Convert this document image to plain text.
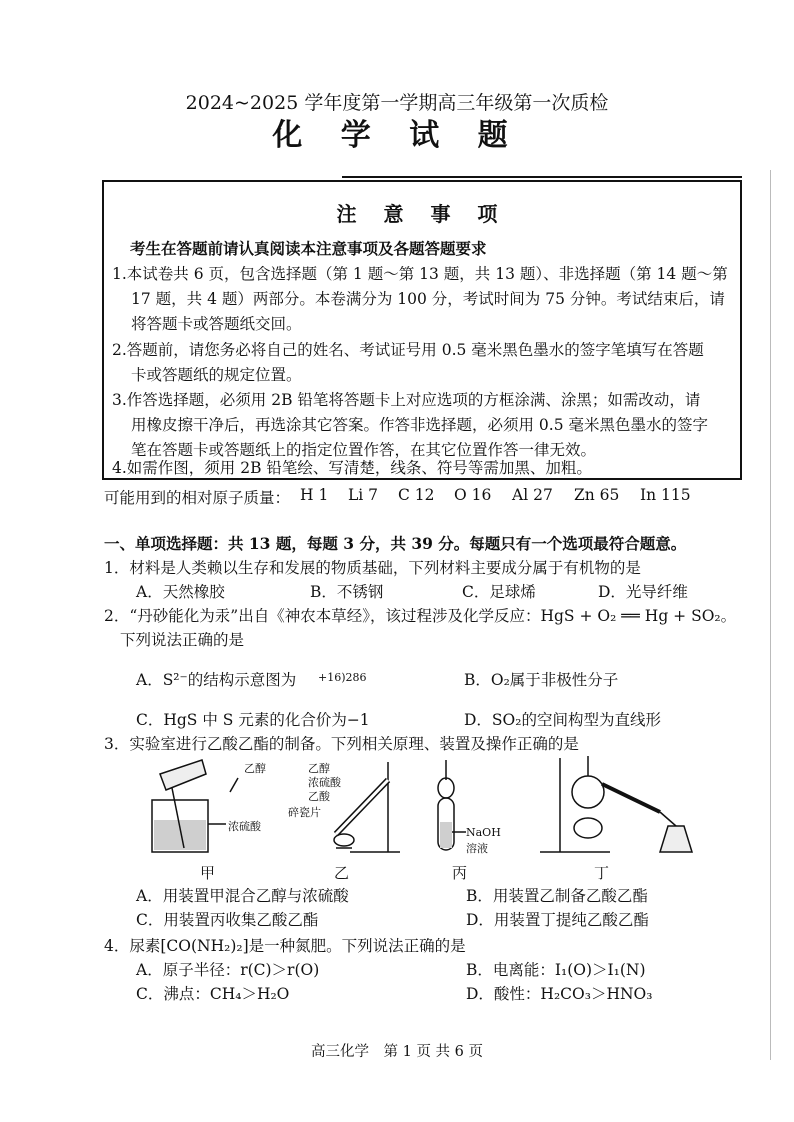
2024~2025 学年度第一学期高三年级第一次质检
化 学 试 题
注 意 事 项
考生在答题前请认真阅读本注意事项及各题答题要求
1.本试卷共 6 页，包含选择题（第 1 题～第 13 题，共 13 题）、非选择题（第 14 题～第
17 题，共 4 题）两部分。本卷满分为 100 分，考试时间为 75 分钟。考试结束后，请
将答题卡或答题纸交回。
2.答题前，请您务必将自己的姓名、考试证号用 0.5 毫米黑色墨水的签字笔填写在答题
卡或答题纸的规定位置。
3.作答选择题，必须用 2B 铅笔将答题卡上对应选项的方框涂满、涂黑；如需改动，请
用橡皮擦干净后，再选涂其它答案。作答非选择题，必须用 0.5 毫米黑色墨水的签字
笔在答题卡或答题纸上的指定位置作答，在其它位置作答一律无效。
4.如需作图，须用 2B 铅笔绘、写清楚，线条、符号等需加黑、加粗。
可能用到的相对原子质量： H 1 Li 7 C 12 O 16 Al 27 Zn 65 In 115
一、单项选择题：共 13 题，每题 3 分，共 39 分。每题只有一个选项最符合题意。
1．材料是人类赖以生存和发展的物质基础，下列材料主要成分属于有机物的是
A．天然橡胶	B．不锈钢	C．足球烯	D．光导纤维
2．“丹砂能化为汞”出自《神农本草经》，该过程涉及化学反应：HgS + O₂ ══ Hg + SO₂。
下列说法正确的是
A．S²⁻的结构示意图为 +16)286	B．O₂属于非极性分子
C．HgS 中 S 元素的化合价为−1	D．SO₂的空间构型为直线形
3．实验室进行乙酸乙酯的制备。下列相关原理、装置及操作正确的是
乙醇
浓硫酸
乙醇
浓硫酸
乙酸
碎瓷片
NaOH
溶液
甲	乙	丙	丁
A．用装置甲混合乙醇与浓硫酸	B．用装置乙制备乙酸乙酯
C．用装置丙收集乙酸乙酯	D．用装置丁提纯乙酸乙酯
4．尿素[CO(NH₂)₂]是一种氮肥。下列说法正确的是
A．原子半径：r(C)＞r(O)	B．电离能：I₁(O)＞I₁(N)
C．沸点：CH₄＞H₂O	D．酸性：H₂CO₃＞HNO₃
高三化学　第 1 页 共 6 页
